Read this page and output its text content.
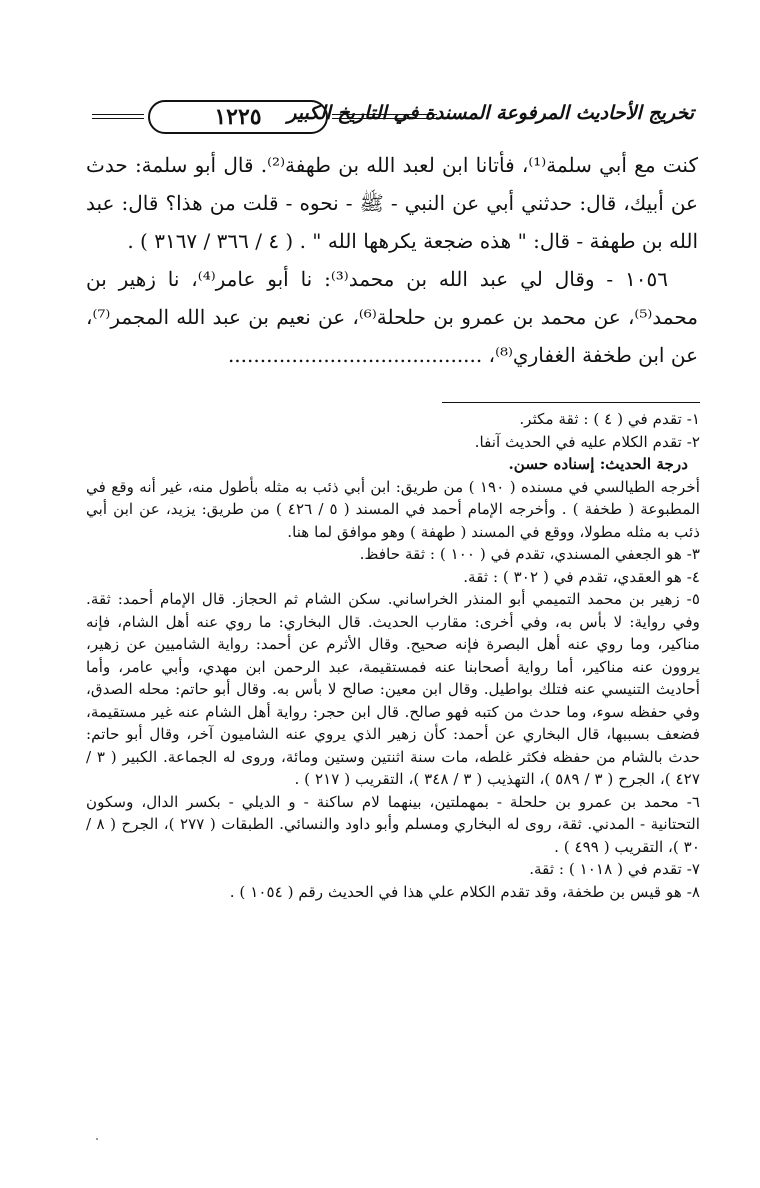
تخريج الأحاديث المرفوعة المسندة في التاريخ الكبير
١٢٢٥

كنت مع أبي سلمة⁽¹⁾، فأتانا ابن لعبد الله بن طهفة⁽²⁾. قال أبو سلمة: حدث عن أبيك، قال: حدثني أبي عن النبي - ﷺ - نحوه - قلت من هذا؟ قال: عبد الله بن طهفة - قال: " هذه ضجعة يكرهها الله " . ( ٤ / ٣٦٦ / ٣١٦٧ ) .

١٠٥٦ - وقال لي عبد الله بن محمد⁽³⁾: نا أبو عامر⁽⁴⁾، نا زهير بن محمد⁽⁵⁾، عن محمد بن عمرو بن حلحلة⁽⁶⁾، عن نعيم بن عبد الله المجمر⁽⁷⁾، عن ابن طخفة الغفاري⁽⁸⁾، ........................................

١- تقدم في ( ٤ ) : ثقة مكثر.

٢- تقدم الكلام عليه في الحديث آنفا.

درجة الحديث: إسناده حسن.

أخرجه الطيالسي في مسنده ( ١٩٠ ) من طريق: ابن أبي ذئب به مثله بأطول منه، غير أنه وقع في المطبوعة ( طخفة ) . وأخرجه الإمام أحمد في المسند ( ٥ / ٤٢٦ ) من طريق: يزيد، عن ابن أبي ذئب به مثله مطولا، ووقع في المسند ( طهفة ) وهو موافق لما هنا.

٣- هو الجعفي المسندي، تقدم في ( ١٠٠ ) : ثقة حافظ.

٤- هو العقدي، تقدم في ( ٣٠٢ ) : ثقة.

٥- زهير بن محمد التميمي أبو المنذر الخراساني. سكن الشام ثم الحجاز. قال الإمام أحمد: ثقة. وفي رواية: لا بأس به، وفي أخرى: مقارب الحديث. قال البخاري: ما روي عنه أهل الشام، فإنه مناكير، وما روي عنه أهل البصرة فإنه صحيح. وقال الأثرم عن أحمد: رواية الشاميين عن زهير، يروون عنه مناكير، أما رواية أصحابنا عنه فمستقيمة، عبد الرحمن ابن مهدي، وأبي عامر، وأما أحاديث التنيسي عنه فتلك بواطيل. وقال ابن معين: صالح لا بأس به. وقال أبو حاتم: محله الصدق، وفي حفظه سوء، وما حدث من كتبه فهو صالح. قال ابن حجر: رواية أهل الشام عنه غير مستقيمة، فضعف بسببها، قال البخاري عن أحمد: كأن زهير الذي يروي عنه الشاميون آخر، وقال أبو حاتم: حدث بالشام من حفظه فكثر غلطه، مات سنة اثنتين وستين ومائة، وروى له الجماعة. الكبير ( ٣ / ٤٢٧ )، الجرح ( ٣ / ٥٨٩ )، التهذيب ( ٣ / ٣٤٨ )، التقريب ( ٢١٧ ) .

٦- محمد بن عمرو بن حلحلة - بمهملتين، بينهما لام ساكنة - و الديلي - بكسر الدال، وسكون التحتانية - المدني. ثقة، روى له البخاري ومسلم وأبو داود والنسائي. الطبقات ( ٢٧٧ )، الجرح ( ٨ / ٣٠ )، التقريب ( ٤٩٩ ) .

٧- تقدم في ( ١٠١٨ ) : ثقة.

٨- هو قيس بن طخفة، وقد تقدم الكلام علي هذا في الحديث رقم ( ١٠٥٤ ) .
